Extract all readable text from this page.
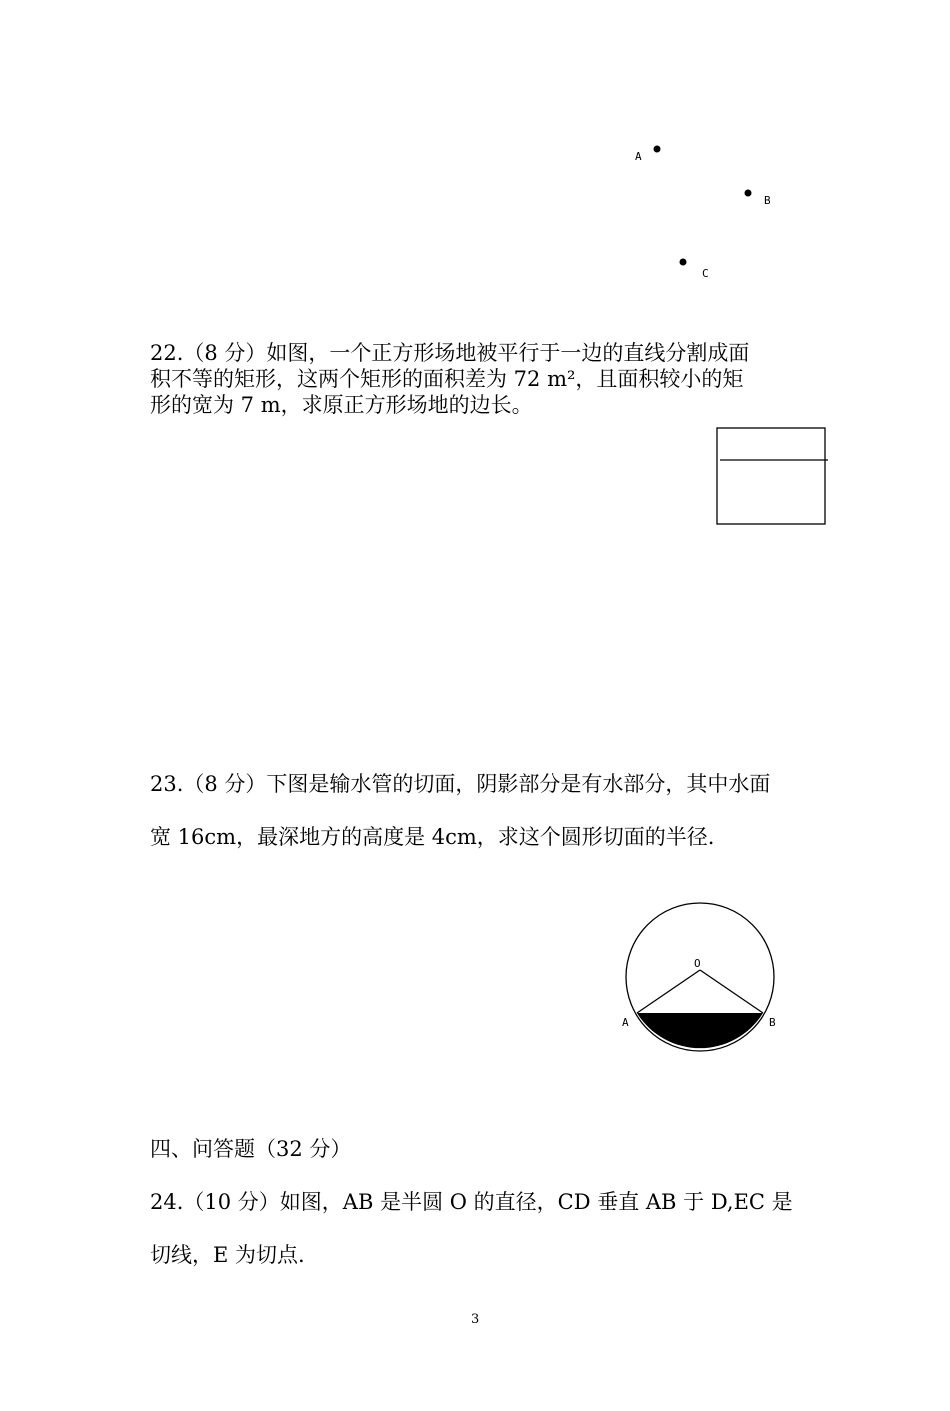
A
B
C
22.（8 分）如图，一个正方形场地被平行于一边的直线分割成面
积不等的矩形，这两个矩形的面积差为 72 m²，且面积较小的矩
形的宽为 7 m，求原正方形场地的边长。
23.（8 分）下图是输水管的切面，阴影部分是有水部分，其中水面
宽 16cm，最深地方的高度是 4cm，求这个圆形切面的半径.
O
A	B
四、问答题（32 分）
24.（10 分）如图，AB 是半圆 O 的直径，CD 垂直 AB 于 D,EC 是
切线，E 为切点.
3
